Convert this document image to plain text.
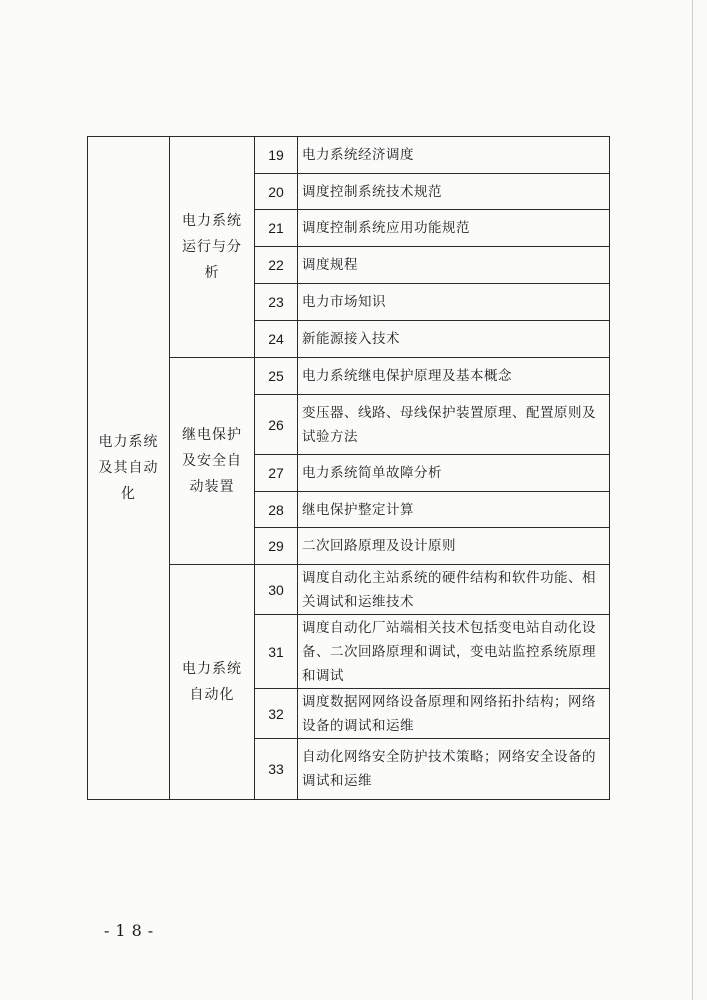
电力系统及其自动化	电力系统运行与分析	19	电力系统经济调度
		20	调度控制系统技术规范
		21	调度控制系统应用功能规范
		22	调度规程
		23	电力市场知识
		24	新能源接入技术

	继电保护及安全自动装置	25	电力系统继电保护原理及基本概念
		26	变压器、线路、母线保护装置原理、配置原则及试验方法
		27	电力系统简单故障分析
		28	继电保护整定计算
		29	二次回路原理及设计原则

	电力系统自动化	30	调度自动化主站系统的硬件结构和软件功能、相关调试和运维技术
		31	调度自动化厂站端相关技术包括变电站自动化设备、二次回路原理和调试，变电站监控系统原理和调试
		32	调度数据网网络设备原理和网络拓扑结构；网络设备的调试和运维
		33	自动化网络安全防护技术策略；网络安全设备的调试和运维
-18-
